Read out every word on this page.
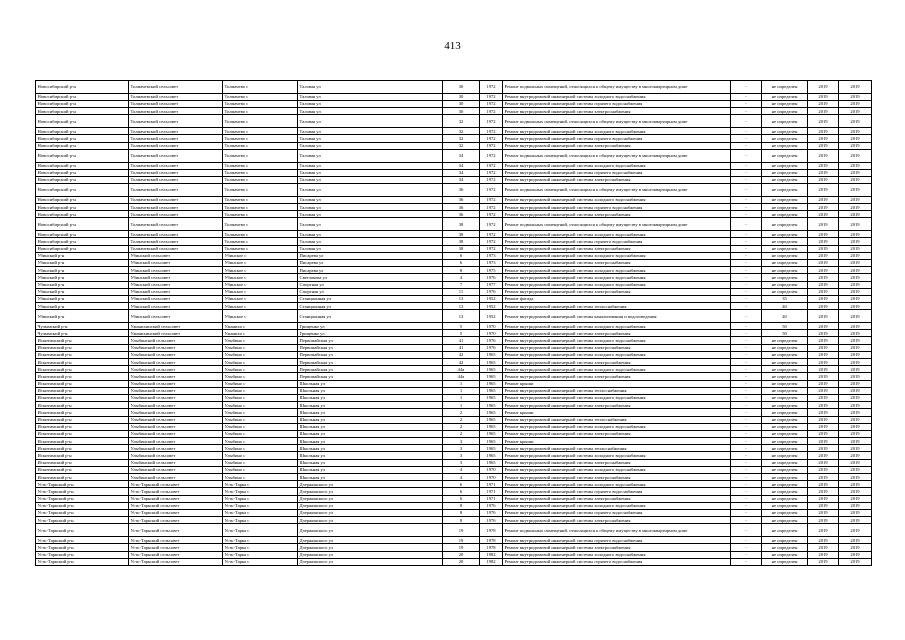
413
Новосибирский р-н	Толмачевский сельсовет	Толмачево с	Таловая ул	30	1972	Ремонт подвальных помещений, относящихся к общему имуществу в многоквартирном доме	-	не определен	2019	2019
Новосибирский р-н	Толмачевский сельсовет	Толмачево с	Таловая ул	30	1972	Ремонт внутридомовой инженерной системы холодного водоснабжения	-	не определен	2019	2019
Новосибирский р-н	Толмачевский сельсовет	Толмачево с	Таловая ул	30	1972	Ремонт внутридомовой инженерной системы горячего водоснабжения	-	не определен	2019	2019
Новосибирский р-н	Толмачевский сельсовет	Толмачево с	Таловая ул	30	1972	Ремонт внутридомовой инженерной системы электроснабжения	-	не определен	2019	2019
Новосибирский р-н	Толмачевский сельсовет	Толмачево с	Таловая ул	32	1972	Ремонт подвальных помещений, относящихся к общему имуществу в многоквартирном доме	-	не определен	2019	2019
Новосибирский р-н	Толмачевский сельсовет	Толмачево с	Таловая ул	32	1972	Ремонт внутридомовой инженерной системы холодного водоснабжения	-	не определен	2019	2019
Новосибирский р-н	Толмачевский сельсовет	Толмачево с	Таловая ул	32	1972	Ремонт внутридомовой инженерной системы горячего водоснабжения	-	не определен	2019	2019
Новосибирский р-н	Толмачевский сельсовет	Толмачево с	Таловая ул	32	1972	Ремонт внутридомовой инженерной системы электроснабжения	-	не определен	2019	2019
Новосибирский р-н	Толмачевский сельсовет	Толмачево с	Таловая ул	34	1972	Ремонт подвальных помещений, относящихся к общему имуществу в многоквартирном доме	-	не определен	2019	2019
Новосибирский р-н	Толмачевский сельсовет	Толмачево с	Таловая ул	34	1972	Ремонт внутридомовой инженерной системы холодного водоснабжения	-	не определен	2019	2019
Новосибирский р-н	Толмачевский сельсовет	Толмачево с	Таловая ул	34	1972	Ремонт внутридомовой инженерной системы горячего водоснабжения	-	не определен	2019	2019
Новосибирский р-н	Толмачевский сельсовет	Толмачево с	Таловая ул	34	1972	Ремонт внутридомовой инженерной системы электроснабжения	-	не определен	2019	2019
Новосибирский р-н	Толмачевский сельсовет	Толмачево с	Таловая ул	36	1972	Ремонт подвальных помещений, относящихся к общему имуществу в многоквартирном доме	-	не определен	2019	2019
Новосибирский р-н	Толмачевский сельсовет	Толмачево с	Таловая ул	36	1972	Ремонт внутридомовой инженерной системы холодного водоснабжения	-	не определен	2019	2019
Новосибирский р-н	Толмачевский сельсовет	Толмачево с	Таловая ул	36	1972	Ремонт внутридомовой инженерной системы горячего водоснабжения	-	не определен	2019	2019
Новосибирский р-н	Толмачевский сельсовет	Толмачево с	Таловая ул	36	1972	Ремонт внутридомовой инженерной системы электроснабжения	-	не определен	2019	2019
Новосибирский р-н	Толмачевский сельсовет	Толмачево с	Таловая ул	38	1972	Ремонт подвальных помещений, относящихся к общему имуществу в многоквартирном доме	-	не определен	2019	2019
Новосибирский р-н	Толмачевский сельсовет	Толмачево с	Таловая ул	38	1972	Ремонт внутридомовой инженерной системы холодного водоснабжения	-	не определен	2019	2019
Новосибирский р-н	Толмачевский сельсовет	Толмачево с	Таловая ул	38	1972	Ремонт внутридомовой инженерной системы горячего водоснабжения	-	не определен	2019	2019
Новосибирский р-н	Толмачевский сельсовет	Толмачево с	Таловая ул	38	1972	Ремонт внутридомовой инженерной системы электроснабжения	-	не определен	2019	2019
Убинский р-н	Убинский сельсовет	Убинское с	Писарева ул	6	1973	Ремонт внутридомовой инженерной системы холодного водоснабжения	-	не определен	2019	2019
Убинский р-н	Убинский сельсовет	Убинское с	Писарева ул	6	1973	Ремонт внутридомовой инженерной системы электроснабжения	-	не определен	2019	2019
Убинский р-н	Убинский сельсовет	Убинское с	Писарева ул	8	1975	Ремонт внутридомовой инженерной системы холодного водоснабжения	-	не определен	2019	2019
Убинский р-н	Убинский сельсовет	Убинское с	Светлакова ул	4	1976	Ремонт внутридомовой инженерной системы холодного водоснабжения	-	не определен	2019	2019
Убинский р-н	Убинский сельсовет	Убинское с	Спортная ул	7	1977	Ремонт внутридомовой инженерной системы холодного водоснабжения	-	не определен	2019	2019
Убинский р-н	Убинский сельсовет	Убинское с	Спортная ул	11	1976	Ремонт внутридомовой инженерной системы электроснабжения	-	не определен	2019	2019
Убинский р-н	Убинский сельсовет	Убинское с	Станционная ул	13	1952	Ремонт фасада	-	35	2019	2019
Убинский р-н	Убинский сельсовет	Убинское с	Станционная ул	13	1952	Ремонт внутридомовой инженерной системы теплоснабжения	-	40	2019	2019
Убинский р-н	Убинский сельсовет	Убинское с	Станционная ул	13	1952	Ремонт внутридомовой инженерной системы канализования и водоотведения	-	40	2019	2019
Чулымский р-н	Ужанихинский сельсовет	Ужаниха с	Грищенко ул	5	1970	Ремонт внутридомовой инженерной системы холодного водоснабжения	-	50	2019	2019
Чулымский р-н	Ужанихинский сельсовет	Ужаниха с	Грищенко ул	5	1970	Ремонт внутридомовой инженерной системы электроснабжения	-	50	2019	2019
Искитимский р-н	Улыбинский сельсовет	Улыбино с	Первомайская ул	41	1976	Ремонт внутридомовой инженерной системы холодного водоснабжения	-	не определен	2019	2019
Искитимский р-н	Улыбинский сельсовет	Улыбино с	Первомайская ул	41	1976	Ремонт внутридомовой инженерной системы электроснабжения	-	не определен	2019	2019
Искитимский р-н	Улыбинский сельсовет	Улыбино с	Первомайская ул	42	1965	Ремонт внутридомовой инженерной системы холодного водоснабжения	-	не определен	2019	2019
Искитимский р-н	Улыбинский сельсовет	Улыбино с	Первомайская ул	42	1965	Ремонт внутридомовой инженерной системы электроснабжения	-	не определен	2019	2019
Искитимский р-н	Улыбинский сельсовет	Улыбино с	Первомайская ул	44а	1965	Ремонт внутридомовой инженерной системы холодного водоснабжения	-	не определен	2019	2019
Искитимский р-н	Улыбинский сельсовет	Улыбино с	Первомайская ул	44а	1965	Ремонт внутридомовой инженерной системы электроснабжения	-	не определен	2019	2019
Искитимский р-н	Улыбинский сельсовет	Улыбино с	Школьная ул	1	1965	Ремонт крыши	-	не определен	2019	2019
Искитимский р-н	Улыбинский сельсовет	Улыбино с	Школьная ул	1	1965	Ремонт внутридомовой инженерной системы теплоснабжения	-	не определен	2019	2019
Искитимский р-н	Улыбинский сельсовет	Улыбино с	Школьная ул	1	1965	Ремонт внутридомовой инженерной системы холодного водоснабжения	-	не определен	2019	2019
Искитимский р-н	Улыбинский сельсовет	Улыбино с	Школьная ул	1	1965	Ремонт внутридомовой инженерной системы электроснабжения	-	не определен	2019	2019
Искитимский р-н	Улыбинский сельсовет	Улыбино с	Школьная ул	2	1965	Ремонт крыши	-	не определен	2019	2019
Искитимский р-н	Улыбинский сельсовет	Улыбино с	Школьная ул	2	1965	Ремонт внутридомовой инженерной системы теплоснабжения	-	не определен	2019	2019
Искитимский р-н	Улыбинский сельсовет	Улыбино с	Школьная ул	2	1965	Ремонт внутридомовой инженерной системы холодного водоснабжения	-	не определен	2019	2019
Искитимский р-н	Улыбинский сельсовет	Улыбино с	Школьная ул	2	1965	Ремонт внутридомовой инженерной системы электроснабжения	-	не определен	2019	2019
Искитимский р-н	Улыбинский сельсовет	Улыбино с	Школьная ул	3	1965	Ремонт крыши	-	не определен	2019	2019
Искитимский р-н	Улыбинский сельсовет	Улыбино с	Школьная ул	3	1965	Ремонт внутридомовой инженерной системы теплоснабжения	-	не определен	2019	2019
Искитимский р-н	Улыбинский сельсовет	Улыбино с	Школьная ул	3	1965	Ремонт внутридомовой инженерной системы холодного водоснабжения	-	не определен	2019	2019
Искитимский р-н	Улыбинский сельсовет	Улыбино с	Школьная ул	3	1965	Ремонт внутридомовой инженерной системы электроснабжения	-	не определен	2019	2019
Искитимский р-н	Улыбинский сельсовет	Улыбино с	Школьная ул	4	1970	Ремонт внутридомовой инженерной системы холодного водоснабжения	-	не определен	2019	2019
Искитимский р-н	Улыбинский сельсовет	Улыбино с	Школьная ул	4	1970	Ремонт внутридомовой инженерной системы электроснабжения	-	не определен	2019	2019
Усть-Таркский р-н	Усть-Таркский сельсовет	Усть-Тарка с	Дзержинского ул	6	1971	Ремонт внутридомовой инженерной системы холодного водоснабжения	-	не определен	2019	2019
Усть-Таркский р-н	Усть-Таркский сельсовет	Усть-Тарка с	Дзержинского ул	6	1971	Ремонт внутридомовой инженерной системы горячего водоснабжения	-	не определен	2019	2019
Усть-Таркский р-н	Усть-Таркский сельсовет	Усть-Тарка с	Дзержинского ул	6	1971	Ремонт внутридомовой инженерной системы электроснабжения	-	не определен	2019	2019
Усть-Таркский р-н	Усть-Таркский сельсовет	Усть-Тарка с	Дзержинского ул	8	1976	Ремонт внутридомовой инженерной системы холодного водоснабжения	-	не определен	2019	2019
Усть-Таркский р-н	Усть-Таркский сельсовет	Усть-Тарка с	Дзержинского ул	8	1976	Ремонт внутридомовой инженерной системы горячего водоснабжения	-	не определен	2019	2019
Усть-Таркский р-н	Усть-Таркский сельсовет	Усть-Тарка с	Дзержинского ул	8	1976	Ремонт внутридомовой инженерной системы электроснабжения	-	не определен	2019	2019
Усть-Таркский р-н	Усть-Таркский сельсовет	Усть-Тарка с	Дзержинского ул	19	1978	Ремонт подвальных помещений, относящихся к общему имуществу в многоквартирном доме	-	не определен	2019	2019
Усть-Таркский р-н	Усть-Таркский сельсовет	Усть-Тарка с	Дзержинского ул	19	1978	Ремонт внутридомовой инженерной системы горячего водоснабжения	-	не определен	2019	2019
Усть-Таркский р-н	Усть-Таркский сельсовет	Усть-Тарка с	Дзержинского ул	19	1978	Ремонт внутридомовой инженерной системы электроснабжения	-	не определен	2019	2019
Усть-Таркский р-н	Усть-Таркский сельсовет	Усть-Тарка с	Дзержинского ул	20	1982	Ремонт внутридомовой инженерной системы холодного водоснабжения	-	не определен	2019	2019
Усть-Таркский р-н	Усть-Таркский сельсовет	Усть-Тарка с	Дзержинского ул	20	1982	Ремонт внутридомовой инженерной системы горячего водоснабжения	-	не определен	2019	2019
